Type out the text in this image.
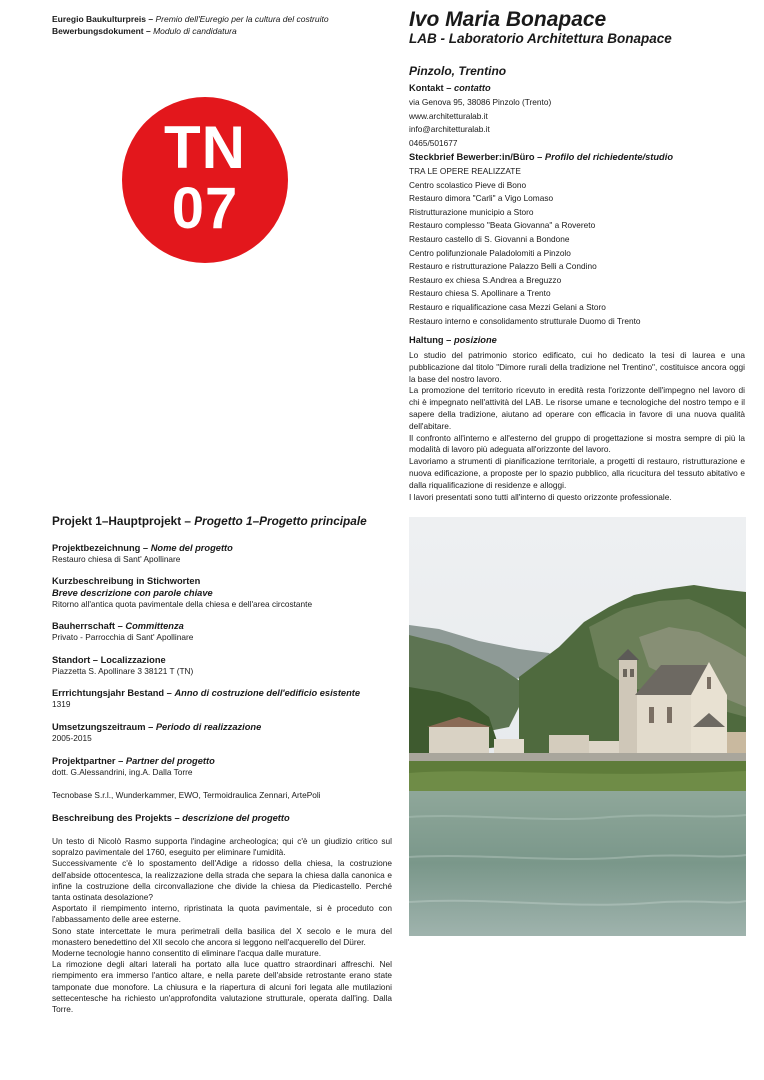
Euregio Baukulturpreis – Premio dell'Euregio per la cultura del costruito
Bewerbungsdokument – Modulo di candidatura
TN
07
Ivo Maria Bonapace
LAB - Laboratorio Architettura Bonapace
Pinzolo, Trentino
Kontakt – contatto
via Genova 95, 38086 Pinzolo (Trento)
www.architetturalab.it
info@architetturalab.it
0465/501677
Steckbrief Bewerber:in/Büro – Profilo del richiedente/studio
TRA LE OPERE REALIZZATE
Centro scolastico Pieve di Bono
Restauro dimora "Carli" a Vigo Lomaso
Ristrutturazione municipio a Storo
Restauro complesso "Beata Giovanna" a Rovereto
Restauro castello di S. Giovanni a Bondone
Centro polifunzionale Paladolomiti a Pinzolo
Restauro e ristrutturazione Palazzo Belli a Condino
Restauro ex chiesa S.Andrea a Breguzzo
Restauro chiesa S. Apollinare a Trento
Restauro e riqualificazione casa Mezzi Gelani a Storo
Restauro interno e consolidamento strutturale Duomo di Trento
Haltung – posizione

Lo studio del patrimonio storico edificato, cui ho dedicato la tesi di laurea e una pubblicazione dal titolo "Dimore rurali della tradizione nel Trentino", costituisce ancora oggi la base del nostro lavoro.

La promozione del territorio ricevuto in eredità resta l'orizzonte dell'impegno nel lavoro di chi è impegnato nell'attività del LAB. Le risorse umane e tecnologiche del nostro tempo e il sapere della tradizione, aiutano ad operare con efficacia in favore di una nuova qualità dell'abitare.

Il confronto all'interno e all'esterno del gruppo di progettazione si mostra sempre di più la modalità di lavoro più adeguata all'orizzonte del lavoro.

Lavoriamo a strumenti di pianificazione territoriale, a progetti di restauro, ristrutturazione e nuova edificazione, a proposte per lo spazio pubblico, alla ricucitura del tessuto abitativo e dalla riqualificazione di residenze e alloggi.

I lavori presentati sono tutti all'interno di questo orizzonte professionale.

Projekt 1–Hauptprojekt – Progetto 1–Progetto principale
Projektbezeichnung – Nome del progetto
Restauro chiesa di Sant' Apollinare
Kurzbeschreibung in Stichworten
Breve descrizione con parole chiave
Ritorno all'antica quota pavimentale della chiesa e dell'area circostante
Bauherrschaft – Committenza
Privato - Parrocchia di Sant' Apollinare
Standort – Localizzazione
Piazzetta S. Apollinare 3 38121 T (TN)
Errrichtungsjahr Bestand – Anno di costruzione dell'edificio esistente
1319
Umsetzungszeitraum – Periodo di realizzazione
2005-2015
Projektpartner – Partner del progetto
dott. G.Alessandrini, ing.A. Dalla Torre
Tecnobase S.r.l., Wunderkammer, EWO, Termoidraulica Zennari, ArtePoli
Beschreibung des Projekts – descrizione del progetto

Un testo di Nicolò Rasmo supporta l'indagine archeologica; qui c'è un giudizio critico sul sopralzo pavimentale del 1760, eseguito per eliminare l'umidità.

Successivamente c'è lo spostamento dell'Adige a ridosso della chiesa, la costruzione dell'abside ottocentesca, la realizzazione della strada che separa la chiesa dalla canonica e infine la costruzione della circonvallazione che divide la chiesa da Piedicastello. Perché tanta ostinata desolazione?

Asportato il riempimento interno, ripristinata la quota pavimentale, si è proceduto con l'abbassamento delle aree esterne.

Sono state intercettate le mura perimetrali della basilica del X secolo e le mura del monastero benedettino del XII secolo che ancora si leggono nell'acquerello del Dürer.

Moderne tecnologie hanno consentito di eliminare l'acqua dalle murature.

La rimozione degli altari laterali ha portato alla luce quattro straordinari affreschi. Nel riempimento era immerso l'antico altare, e nella parete dell'abside retrostante erano state tamponate due monofore. La chiusura e la riapertura di alcuni fori legata alle mutilazioni settecentesche ha richiesto un'approfondita valutazione strutturale, operata dall'ing. Dalla Torre.
